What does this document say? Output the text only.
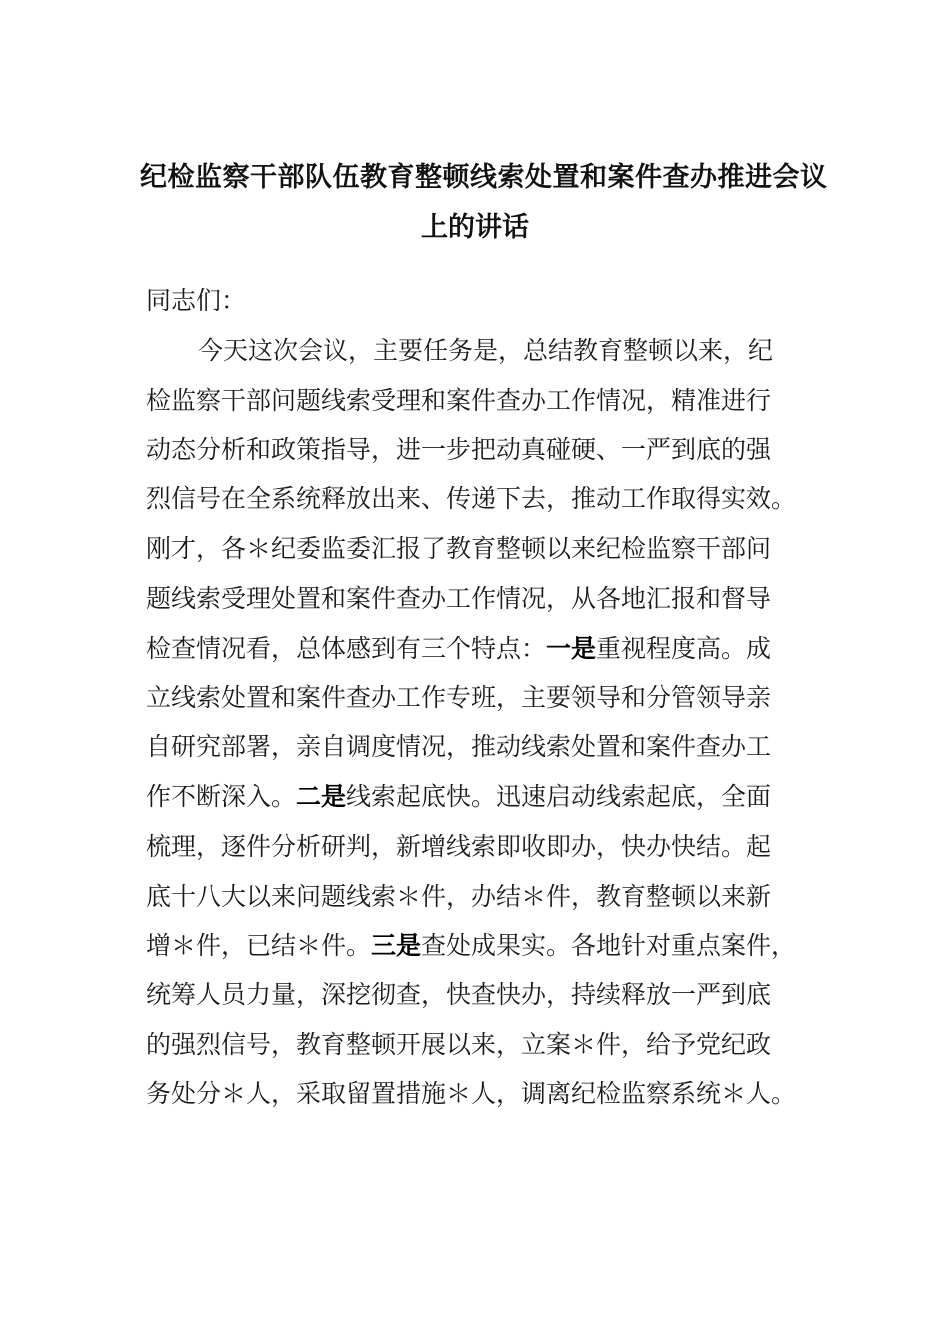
纪检监察干部队伍教育整顿线索处置和案件查办推进会议
上的讲话
同志们：
今天这次会议，主要任务是，总结教育整顿以来，纪
检监察干部问题线索受理和案件查办工作情况，精准进行
动态分析和政策指导，进一步把动真碰硬、一严到底的强
烈信号在全系统释放出来、传递下去，推动工作取得实效。
刚才，各＊纪委监委汇报了教育整顿以来纪检监察干部问
题线索受理处置和案件查办工作情况，从各地汇报和督导
检查情况看，总体感到有三个特点：一是重视程度高。成
立线索处置和案件查办工作专班，主要领导和分管领导亲
自研究部署，亲自调度情况，推动线索处置和案件查办工
作不断深入。二是线索起底快。迅速启动线索起底，全面
梳理，逐件分析研判，新增线索即收即办，快办快结。起
底十八大以来问题线索＊件，办结＊件，教育整顿以来新
增＊件，已结＊件。三是查处成果实。各地针对重点案件，
统筹人员力量，深挖彻查，快查快办，持续释放一严到底
的强烈信号，教育整顿开展以来，立案＊件，给予党纪政
务处分＊人，采取留置措施＊人，调离纪检监察系统＊人。
